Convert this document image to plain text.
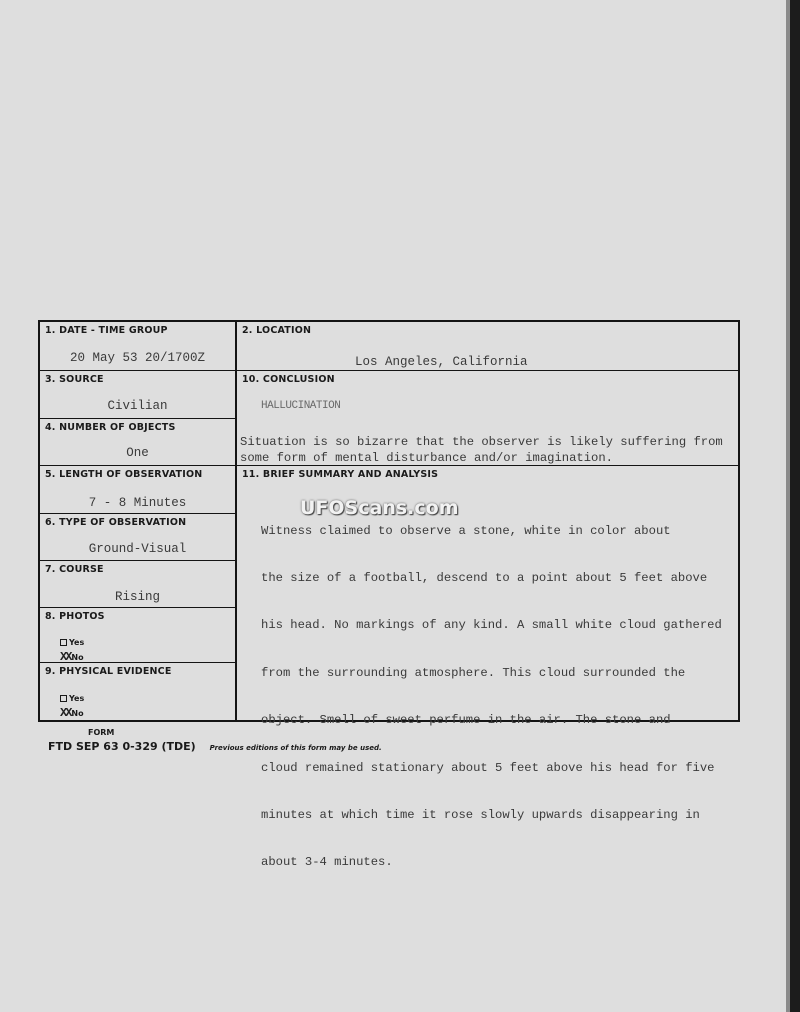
1. DATE - TIME GROUP
20 May 53 20/1700Z
3. SOURCE
Civilian
4. NUMBER OF OBJECTS
One
5. LENGTH OF OBSERVATION
7 - 8 Minutes
6. TYPE OF OBSERVATION
Ground-Visual
7. COURSE
Rising
8. PHOTOS
Yes
XXNo
9. PHYSICAL EVIDENCE
Yes
XXNo
2. LOCATION
Los Angeles, California
10. CONCLUSION
HALLUCINATION
Situation is so bizarre that the observer is likely suffering from
some form of mental disturbance and/or imagination.
11. BRIEF SUMMARY AND ANALYSIS

Witness claimed to observe a stone, white in color about

the size of a football, descend to a point about 5 feet above

his head. No markings of any kind. A small white cloud gathered

from the surrounding atmosphere. This cloud surrounded the

object. Smell of sweet perfume in the air. The stone and

cloud remained stationary about 5 feet above his head for five

minutes at which time it rose slowly upwards disappearing in

about 3-4 minutes.

UFOScans.com
FORM
FTD SEP 63 0-329 (TDE) Previous editions of this form may be used.
